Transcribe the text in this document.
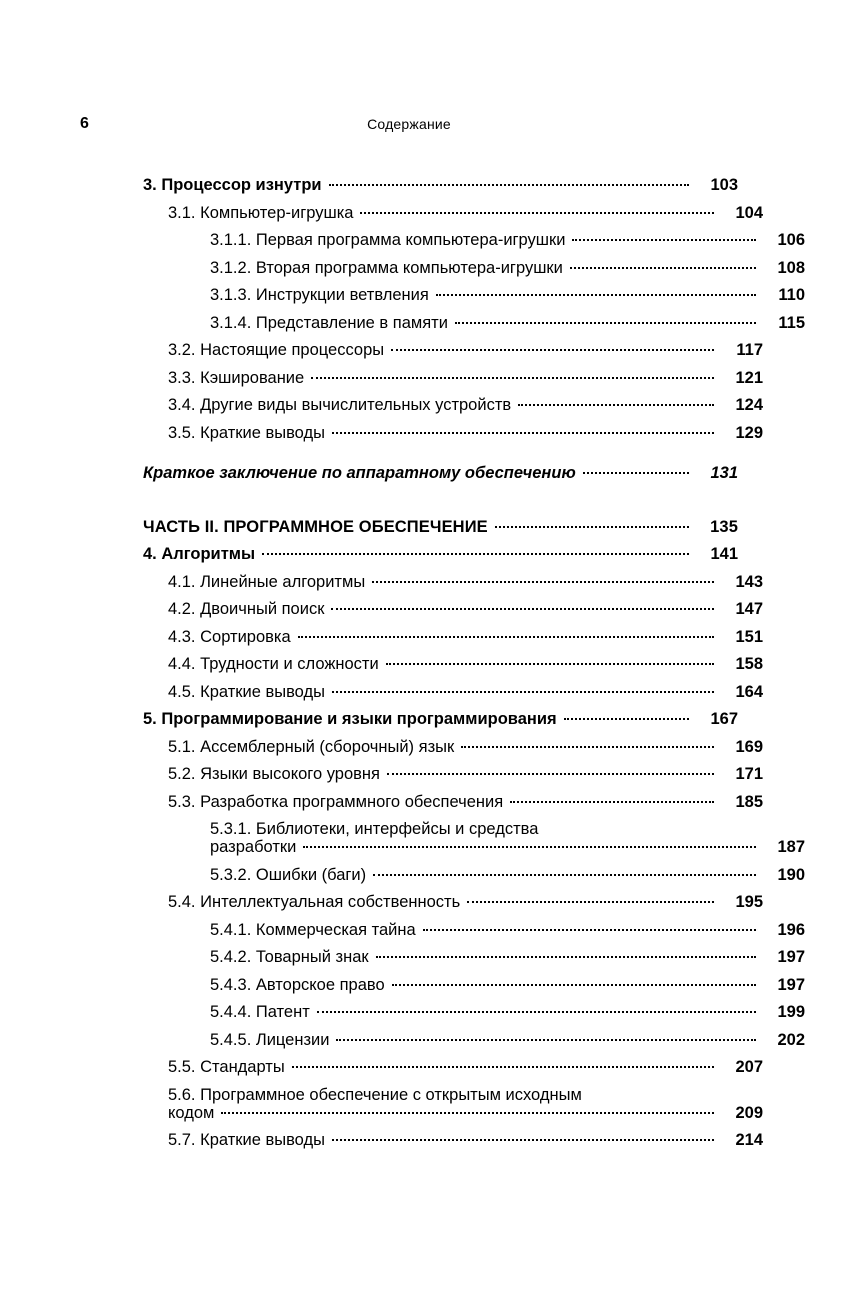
6	Содержание
3. Процессор изнутри	103
3.1. Компьютер-игрушка	104
3.1.1. Первая программа компьютера-игрушки	106
3.1.2. Вторая программа компьютера-игрушки	108
3.1.3. Инструкции ветвления	110
3.1.4. Представление в памяти	115
3.2. Настоящие процессоры	117
3.3. Кэширование	121
3.4. Другие виды вычислительных устройств	124
3.5. Краткие выводы	129
Краткое заключение по аппаратному обеспечению	131
ЧАСТЬ II. ПРОГРАММНОЕ ОБЕСПЕЧЕНИЕ	135
4. Алгоритмы	141
4.1. Линейные алгоритмы	143
4.2. Двоичный поиск	147
4.3. Сортировка	151
4.4. Трудности и сложности	158
4.5. Краткие выводы	164
5. Программирование и языки программирования	167
5.1. Ассемблерный (сборочный) язык	169
5.2. Языки высокого уровня	171
5.3. Разработка программного обеспечения	185
5.3.1. Библиотеки, интерфейсы и средства
разработки	187
5.3.2. Ошибки (баги)	190
5.4. Интеллектуальная собственность	195
5.4.1. Коммерческая тайна	196
5.4.2. Товарный знак	197
5.4.3. Авторское право	197
5.4.4. Патент	199
5.4.5. Лицензии	202
5.5. Стандарты	207
5.6. Программное обеспечение с открытым исходным
кодом	209
5.7. Краткие выводы	214
